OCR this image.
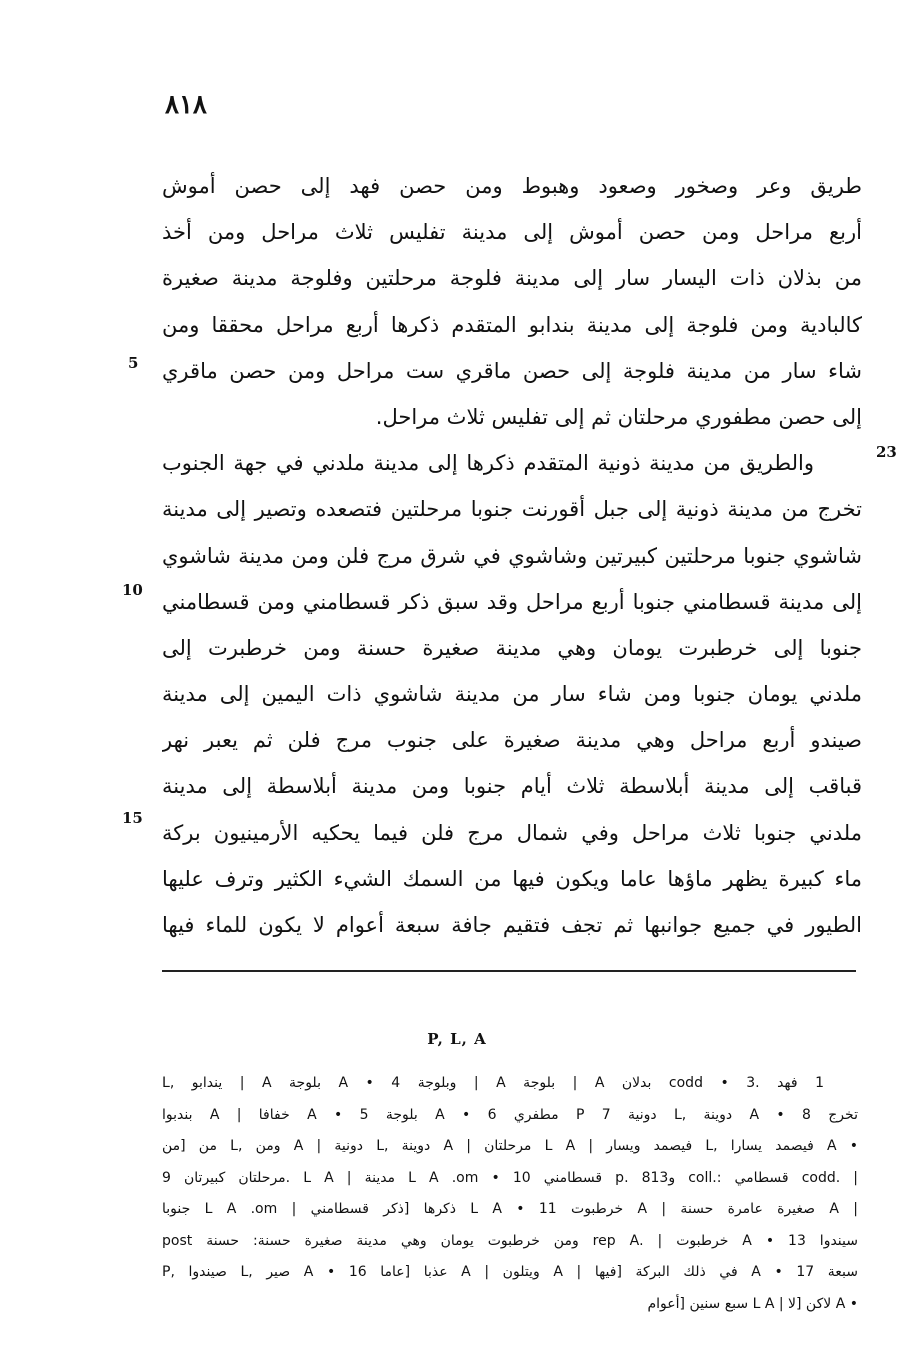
٨١٨
5
23
10
15
طريق وعر وصخور وصعود وهبوط ومن حصن فهد إلى حصن أموش
أربع مراحل ومن حصن أموش إلى مدينة تفليس ثلاث مراحل ومن أخذ
من بذلان ذات اليسار سار إلى مدينة فلوجة مرحلتين وفلوجة مدينة صغيرة
كالبادية ومن فلوجة إلى مدينة بندابو المتقدم ذكرها أربع مراحل محققا ومن
شاء سار من مدينة فلوجة إلى حصن ماقري ست مراحل ومن حصن ماقري
إلى حصن مطفوري مرحلتان ثم إلى تفليس ثلاث مراحل.
والطريق من مدينة ذونية المتقدم ذكرها إلى مدينة ملدني في جهة الجنوب
تخرج من مدينة ذونية إلى جبل أقورنت جنوبا مرحلتين فتصعده وتصير إلى مدينة
شاشوي جنوبا مرحلتين كبيرتين وشاشوي في شرق مرج فلن ومن مدينة شاشوي
إلى مدينة قسطامني جنوبا أربع مراحل وقد سبق ذكر قسطامني ومن قسطامني
جنوبا إلى خرطبرت يومان وهي مدينة صغيرة حسنة ومن خرطبرت إلى
ملدني يومان جنوبا ومن شاء سار من مدينة شاشوي ذات اليمين إلى مدينة
صيندو أربع مراحل وهي مدينة صغيرة على جنوب مرج فلن ثم يعبر نهر
قباقب إلى مدينة أبلاسطة ثلاث أيام جنوبا ومن مدينة أبلاسطة إلى مدينة
ملدني جنوبا ثلاث مراحل وفي شمال مرج فلن فيما يحكيه الأرمينيون بركة
ماء كبيرة يظهر ماؤها عاما ويكون فيها من السمك الشيء الكثير وترف عليها
الطيور في جميع جوانبها ثم تجف فتقيم جافة سبعة أعوام لا يكون للماء فيها
P, L, A
1 فهد .codd • 3 بدلان A | بلوجة A | وبلوجة A • 4 بلوجة A | يندابو ,L
تخرج 8 • A دوينة ,L دونية 7 P مطفري 6 • A بلوجة 5 • A خفافا | A بندبوا
• A فيصمد يسارا ,L فيصمد ويسار | L A مرحلتان | A دوينة ,L دونية | A ومن ,L من [من
| .codd قسطامي :.coll و813 .p قسطامني 10 • L A .om مدينة | L A .مرحلتان كبيرتان 9
| A صغيرة عامرة حسنة | A خرطبوت 11 • L A ذكرها [ذكر قسطامني | L A .om جنوبا
سيندوا 13 • A خرطبوت | .rep A ومن خرطبوت يومان وهي مدينة صغيرة حسنة: حسنة post
سبعة 17 • A في ذلك البركة [فيها | A ويتلون | A عذبا [عاما 16 • A صير ,L صيندوا ,P
• A لاكن [لا | L A سبع سنين [أعوام
